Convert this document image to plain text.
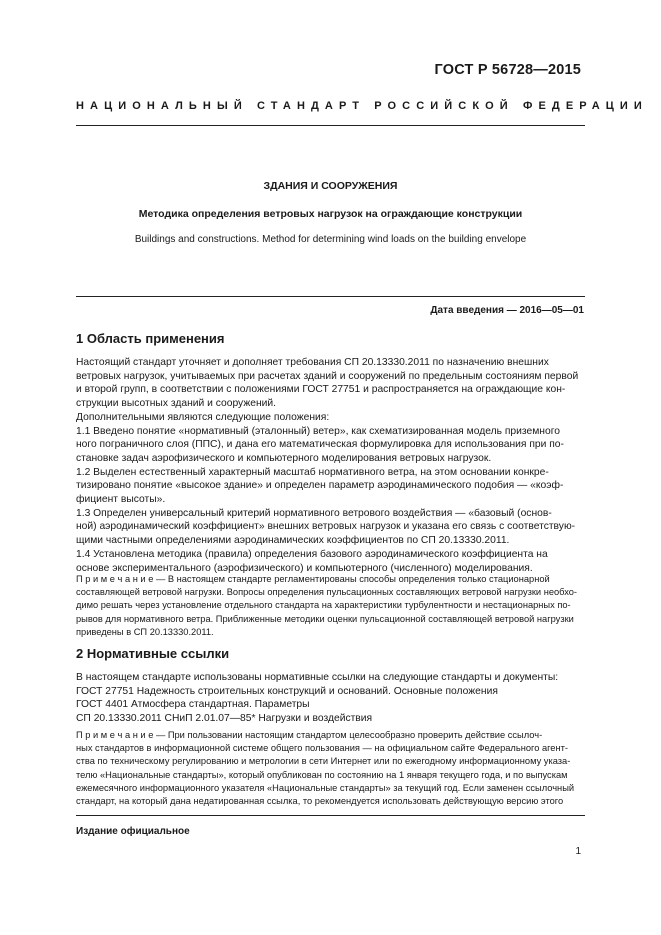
ГОСТ Р 56728—2015
НАЦИОНАЛЬНЫЙ СТАНДАРТ РОССИЙСКОЙ ФЕДЕРАЦИИ
ЗДАНИЯ И СООРУЖЕНИЯ
Методика определения ветровых нагрузок на ограждающие конструкции
Buildings and constructions. Method for determining wind loads on the building envelope
Дата введения — 2016—05—01
1 Область применения
Настоящий стандарт уточняет и дополняет требования СП 20.13330.2011 по назначению внешних
ветровых нагрузок, учитываемых при расчетах зданий и сооружений по предельным состояниям первой
и второй групп, в соответствии с положениями ГОСТ 27751 и распространяется на ограждающие кон-
струкции высотных зданий и сооружений.
Дополнительными являются следующие положения:
1.1 Введено понятие «нормативный (эталонный) ветер», как схематизированная модель приземного
ного пограничного слоя (ППС), и дана его математическая формулировка для использования при по-
становке задач аэрофизического и компьютерного моделирования ветровых нагрузок.
1.2 Выделен естественный характерный масштаб нормативного ветра, на этом основании конкре-
тизировано понятие «высокое здание» и определен параметр аэродинамического подобия — «коэф-
фициент высоты».
1.3 Определен универсальный критерий нормативного ветрового воздействия — «базовый (основ-
ной) аэродинамический коэффициент» внешних ветровых нагрузок и указана его связь с соответствую-
щими частными определениями аэродинамических коэффициентов по СП 20.13330.2011.
1.4 Установлена методика (правила) определения базового аэродинамического коэффициента на
основе экспериментального (аэрофизического) и компьютерного (численного) моделирования.
П р и м е ч а н и е — В настоящем стандарте регламентированы способы определения только стационарной
составляющей ветровой нагрузки. Вопросы определения пульсационных составляющих ветровой нагрузки необхо-
димо решать через установление отдельного стандарта на характеристики турбулентности и нестационарных по-
рывов для нормативного ветра. Приближенные методики оценки пульсационной составляющей ветровой нагрузки
приведены в СП 20.13330.2011.
2 Нормативные ссылки
В настоящем стандарте использованы нормативные ссылки на следующие стандарты и документы:
ГОСТ 27751 Надежность строительных конструкций и оснований. Основные положения
ГОСТ 4401 Атмосфера стандартная. Параметры
СП 20.13330.2011 СНиП 2.01.07—85* Нагрузки и воздействия
П р и м е ч а н и е — При пользовании настоящим стандартом целесообразно проверить действие ссылоч-
ных стандартов в информационной системе общего пользования — на официальном сайте Федерального агент-
ства по техническому регулированию и метрологии в сети Интернет или по ежегодному информационному указа-
телю «Национальные стандарты», который опубликован по состоянию на 1 января текущего года, и по выпускам
ежемесячного информационного указателя «Национальные стандарты» за текущий год. Если заменен ссылочный
стандарт, на который дана недатированная ссылка, то рекомендуется использовать действующую версию этого
Издание официальное
1
